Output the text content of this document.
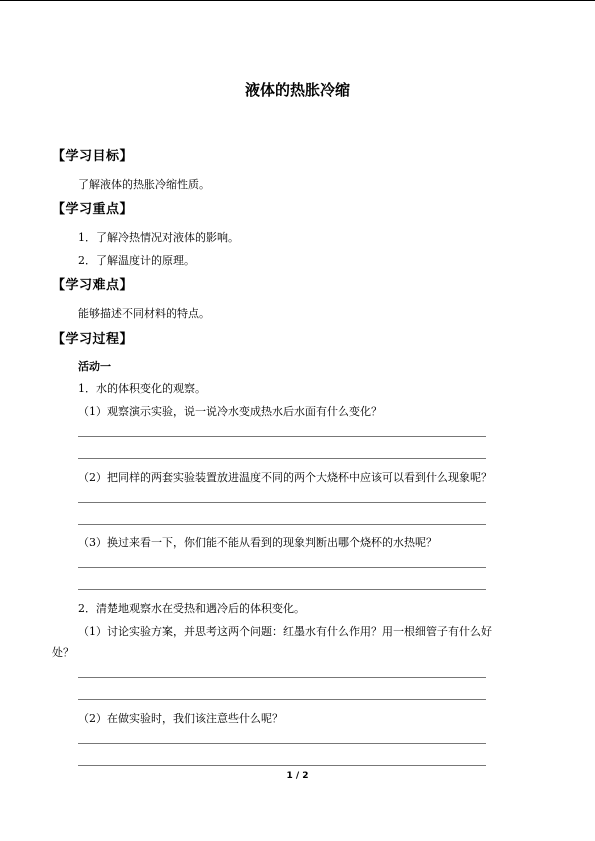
液体的热胀冷缩
【学习目标】
了解液体的热胀冷缩性质。
【学习重点】
1．了解冷热情况对液体的影响。
2．了解温度计的原理。
【学习难点】
能够描述不同材料的特点。
【学习过程】
活动一
1．水的体积变化的观察。
（1）观察演示实验，说一说冷水变成热水后水面有什么变化？
（2）把同样的两套实验装置放进温度不同的两个大烧杯中应该可以看到什么现象呢？
（3）换过来看一下，你们能不能从看到的现象判断出哪个烧杯的水热呢？
2．清楚地观察水在受热和遇冷后的体积变化。
（1）讨论实验方案，并思考这两个问题：红墨水有什么作用？用一根细管子有什么好
处？
（2）在做实验时，我们该注意些什么呢？
1 / 2
